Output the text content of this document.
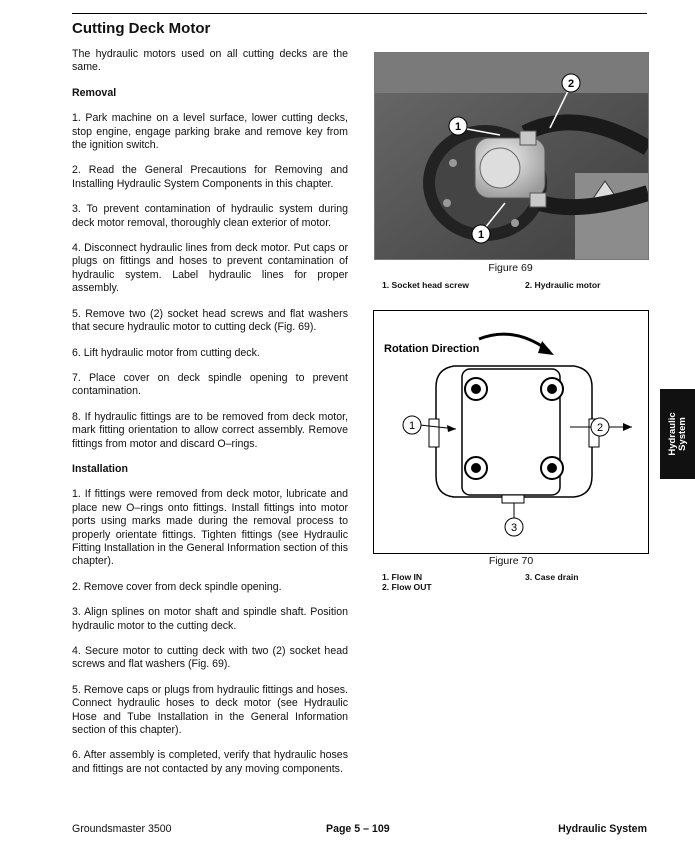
Cutting Deck Motor

The hydraulic motors used on all cutting decks are the same.

Removal

1. Park machine on a level surface, lower cutting decks, stop engine, engage parking brake and remove key from the ignition switch.

2. Read the General Precautions for Removing and Installing Hydraulic System Components in this chapter.

3. To prevent contamination of hydraulic system during deck motor removal, thoroughly clean exterior of motor.

4. Disconnect hydraulic lines from deck motor. Put caps or plugs on fittings and hoses to prevent contamination of hydraulic system. Label hydraulic lines for proper assembly.

5. Remove two (2) socket head screws and flat washers that secure hydraulic motor to cutting deck (Fig. 69).

6. Lift hydraulic motor from cutting deck.

7. Place cover on deck spindle opening to prevent contamination.

8. If hydraulic fittings are to be removed from deck motor, mark fitting orientation to allow correct assembly. Remove fittings from motor and discard O–rings.

Installation

1. If fittings were removed from deck motor, lubricate and place new O–rings onto fittings. Install fittings into motor ports using marks made during the removal process to properly orientate fittings. Tighten fittings (see Hydraulic Fitting Installation in the General Information section of this chapter).

2. Remove cover from deck spindle opening.

3. Align splines on motor shaft and spindle shaft. Position hydraulic motor to the cutting deck.

4. Secure motor to cutting deck with two (2) socket head screws and flat washers (Fig. 69).

5. Remove caps or plugs from hydraulic fittings and hoses. Connect hydraulic hoses to deck motor (see Hydraulic Hose and Tube Installation in the General Information section of this chapter).

6. After assembly is completed, verify that hydraulic hoses and fittings are not contacted by any moving components.

1
2
1
Figure 69
1. Socket head screw	2. Hydraulic motor
Rotation Direction
1	2
3
Figure 70
1. Flow IN
2. Flow OUT
3. Case drain
Hydraulic System
Groundsmaster 3500	Page 5 – 109	Hydraulic System
